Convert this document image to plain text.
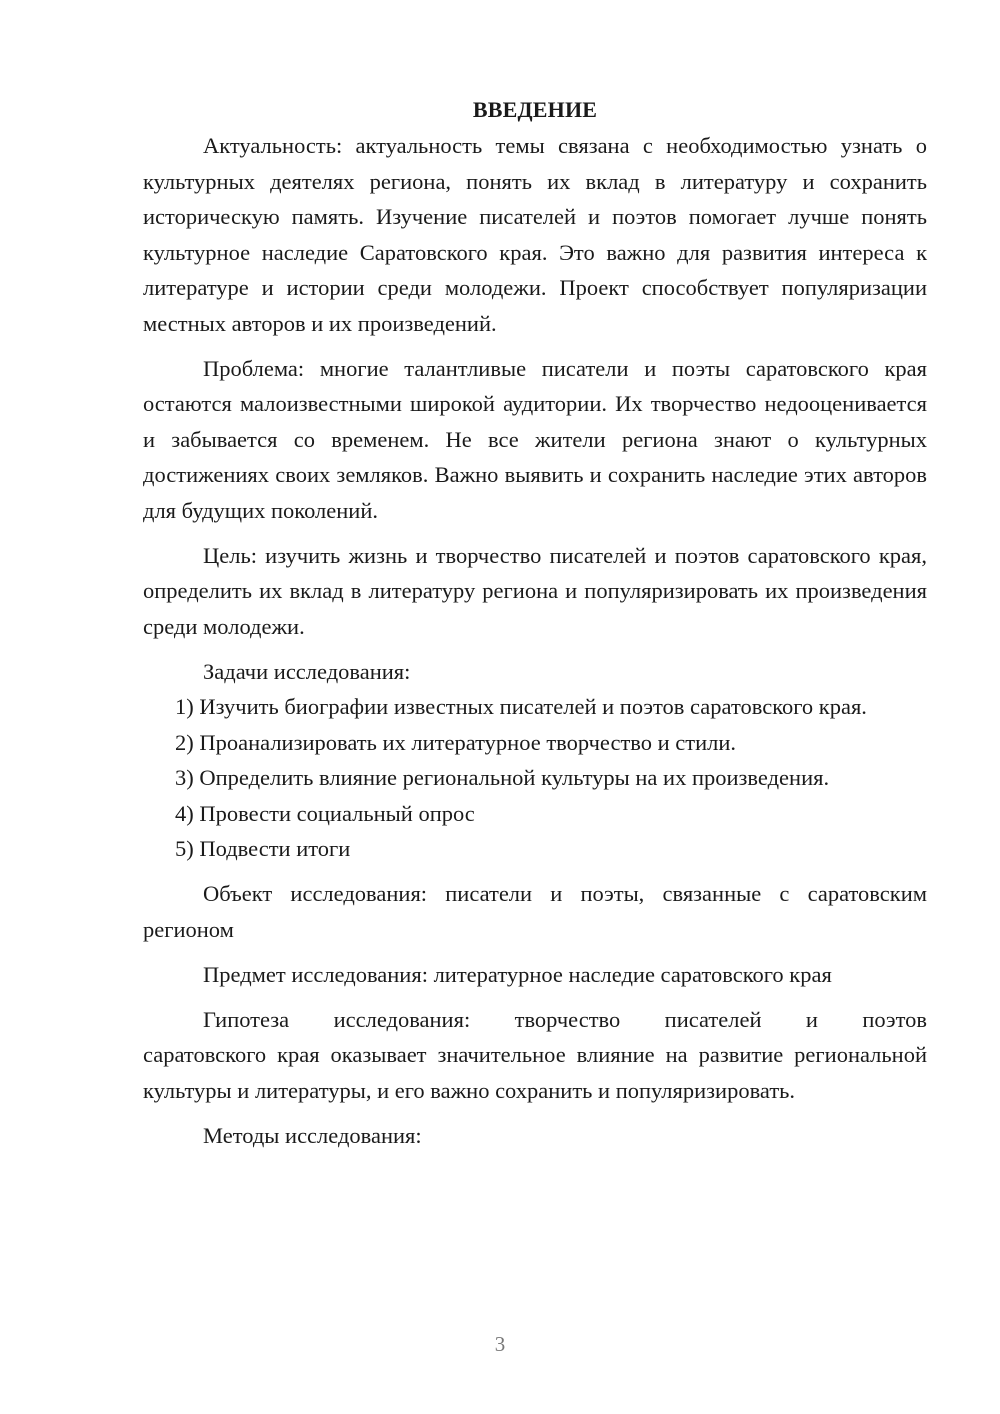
ВВЕДЕНИЕ

Актуальность: актуальность темы связана с необходимостью узнать о культурных деятелях региона, понять их вклад в литературу и сохранить историческую память. Изучение писателей и поэтов помогает лучше понять культурное наследие Саратовского края. Это важно для развития интереса к литературе и истории среди молодежи. Проект способствует популяризации местных авторов и их произведений.

Проблема: многие талантливые писатели и поэты саратовского края остаются малоизвестными широкой аудитории. Их творчество недооценивается и забывается со временем. Не все жители региона знают о культурных достижениях своих земляков. Важно выявить и сохранить наследие этих авторов для будущих поколений.

Цель: изучить жизнь и творчество писателей и поэтов саратовского края, определить их вклад в литературу региона и популяризировать их произведения среди молодежи.

Задачи исследования:

1) Изучить биографии известных писателей и поэтов саратовского края.

2) Проанализировать их литературное творчество и стили.

3) Определить влияние региональной культуры на их произведения.

4) Провести социальный опрос

5) Подвести итоги

Объект исследования: писатели и поэты, связанные с саратовским регионом

Предмет исследования: литературное наследие саратовского края

Гипотеза исследования: творчество писателей и поэтов

саратовского края оказывает значительное влияние на развитие региональной культуры и литературы, и его важно сохранить и популяризировать.

Методы исследования:

3
